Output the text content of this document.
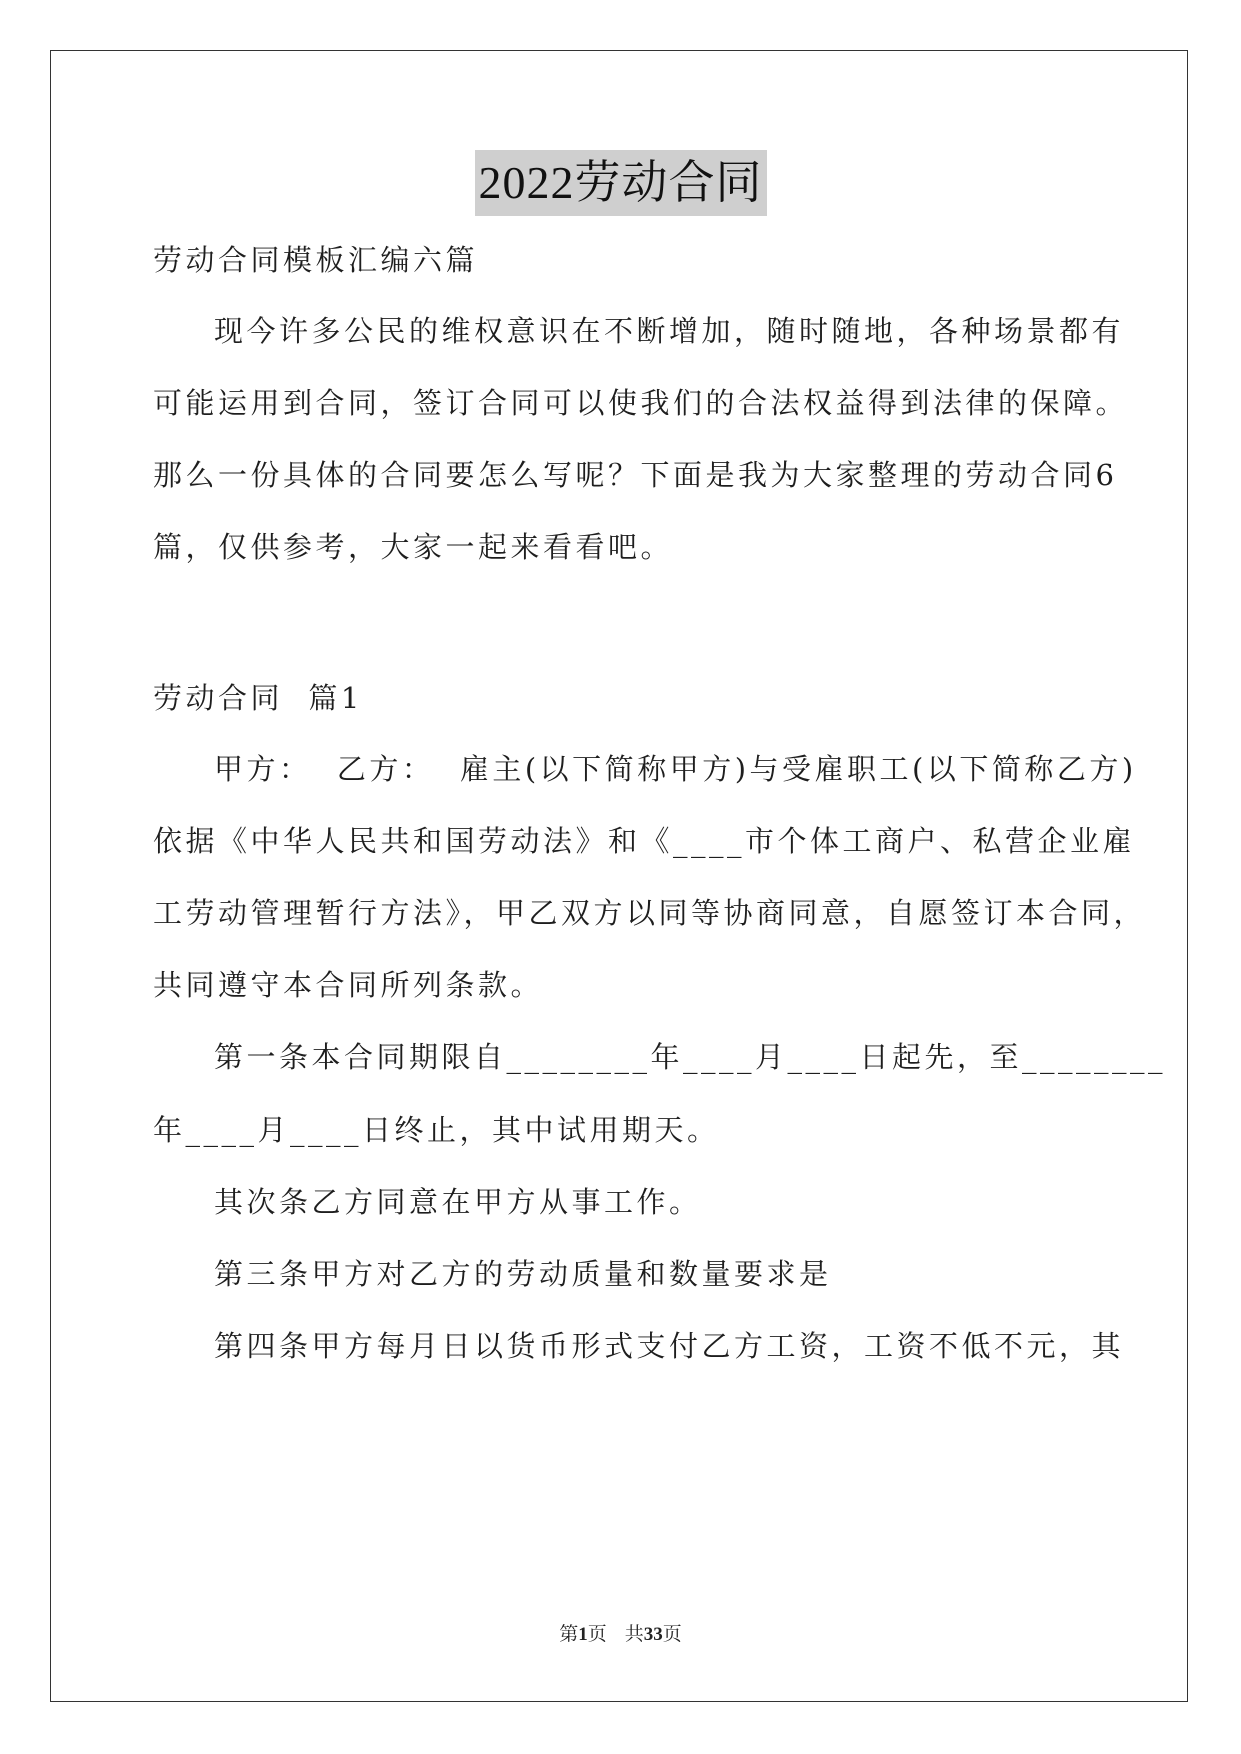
2022劳动合同
劳动合同模板汇编六篇
现今许多公民的维权意识在不断增加，随时随地，各种场景都有
可能运用到合同，签订合同可以使我们的合法权益得到法律的保障。
那么一份具体的合同要怎么写呢？下面是我为大家整理的劳动合同6
篇，仅供参考，大家一起来看看吧。
劳动合同  篇1
甲方：  乙方：  雇主(以下简称甲方)与受雇职工(以下简称乙方)
依据《中华人民共和国劳动法》和《____市个体工商户、私营企业雇
工劳动管理暂行方法》，甲乙双方以同等协商同意，自愿签订本合同，
共同遵守本合同所列条款。
第一条本合同期限自________年____月____日起先，至________
年____月____日终止，其中试用期天。
其次条乙方同意在甲方从事工作。
第三条甲方对乙方的劳动质量和数量要求是
第四条甲方每月日以货币形式支付乙方工资，工资不低不元，其
第1页 共33页
